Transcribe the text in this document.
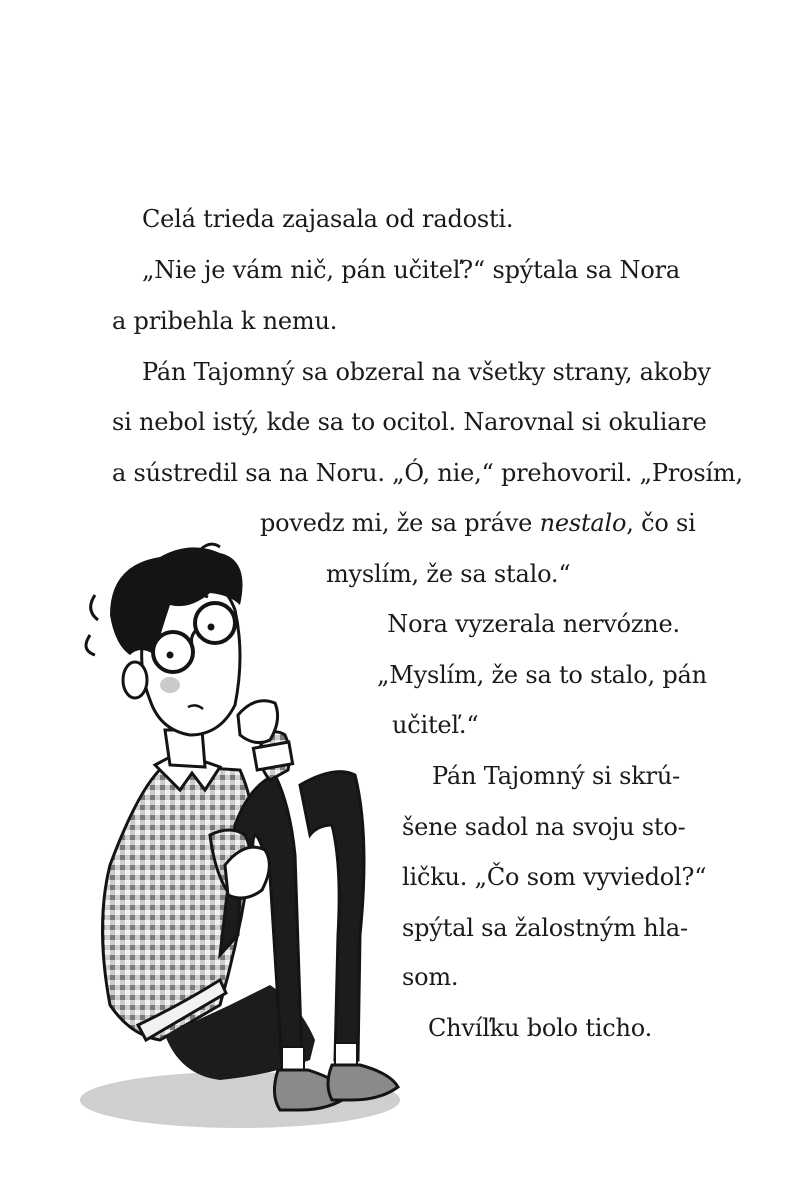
Celá trieda zajasala od radosti.
„Nie je vám nič, pán učiteľ?“ spýtala sa Nora
a pribehla k nemu.
Pán Tajomný sa obzeral na všetky strany, akoby
si nebol istý, kde sa to ocitol. Narovnal si okuliare
a sústredil sa na Noru. „Ó, nie,“ prehovoril. „Prosím,
povedz mi, že sa práve nestalo, čo si
myslím, že sa stalo.“
Nora vyzerala nervózne.
„Myslím, že sa to stalo, pán
učiteľ.“
Pán Tajomný si skrú-
šene sadol na svoju sto-
ličku. „Čo som vyviedol?“
spýtal sa žalostným hla-
som.
Chvíľku bolo ticho.
